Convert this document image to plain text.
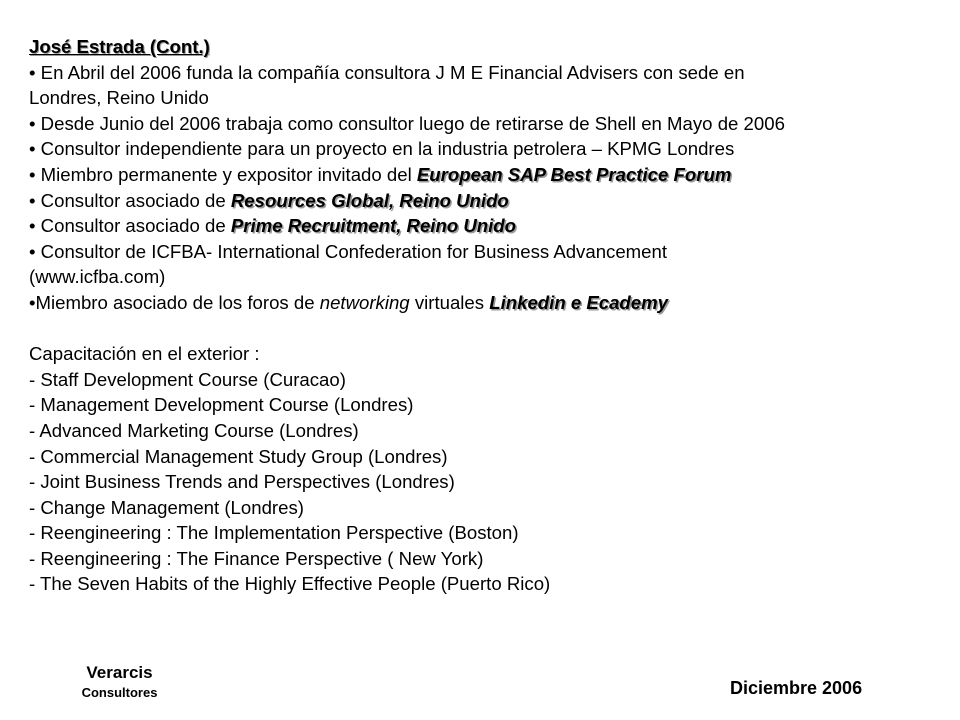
José Estrada (Cont.)
• En Abril del 2006 funda la compañía consultora J M E Financial Advisers con sede en
Londres, Reino Unido
• Desde Junio del 2006 trabaja como consultor luego de retirarse de Shell en Mayo de 2006
• Consultor independiente para un proyecto en la industria petrolera – KPMG Londres
• Miembro permanente y expositor invitado del European SAP Best Practice Forum
• Consultor asociado de Resources Global, Reino Unido
• Consultor asociado de Prime Recruitment, Reino Unido
• Consultor de ICFBA- International Confederation for Business Advancement
(www.icfba.com)
•Miembro asociado de los foros de networking virtuales Linkedin e Ecademy
Capacitación en el exterior :
- Staff Development Course (Curacao)
- Management Development Course (Londres)
- Advanced Marketing Course (Londres)
- Commercial Management Study Group (Londres)
- Joint Business Trends and Perspectives (Londres)
- Change Management (Londres)
- Reengineering : The Implementation Perspective (Boston)
- Reengineering : The Finance Perspective ( New York)
- The Seven Habits of the Highly Effective People (Puerto Rico)
Verarcis
Consultores	Diciembre 2006
